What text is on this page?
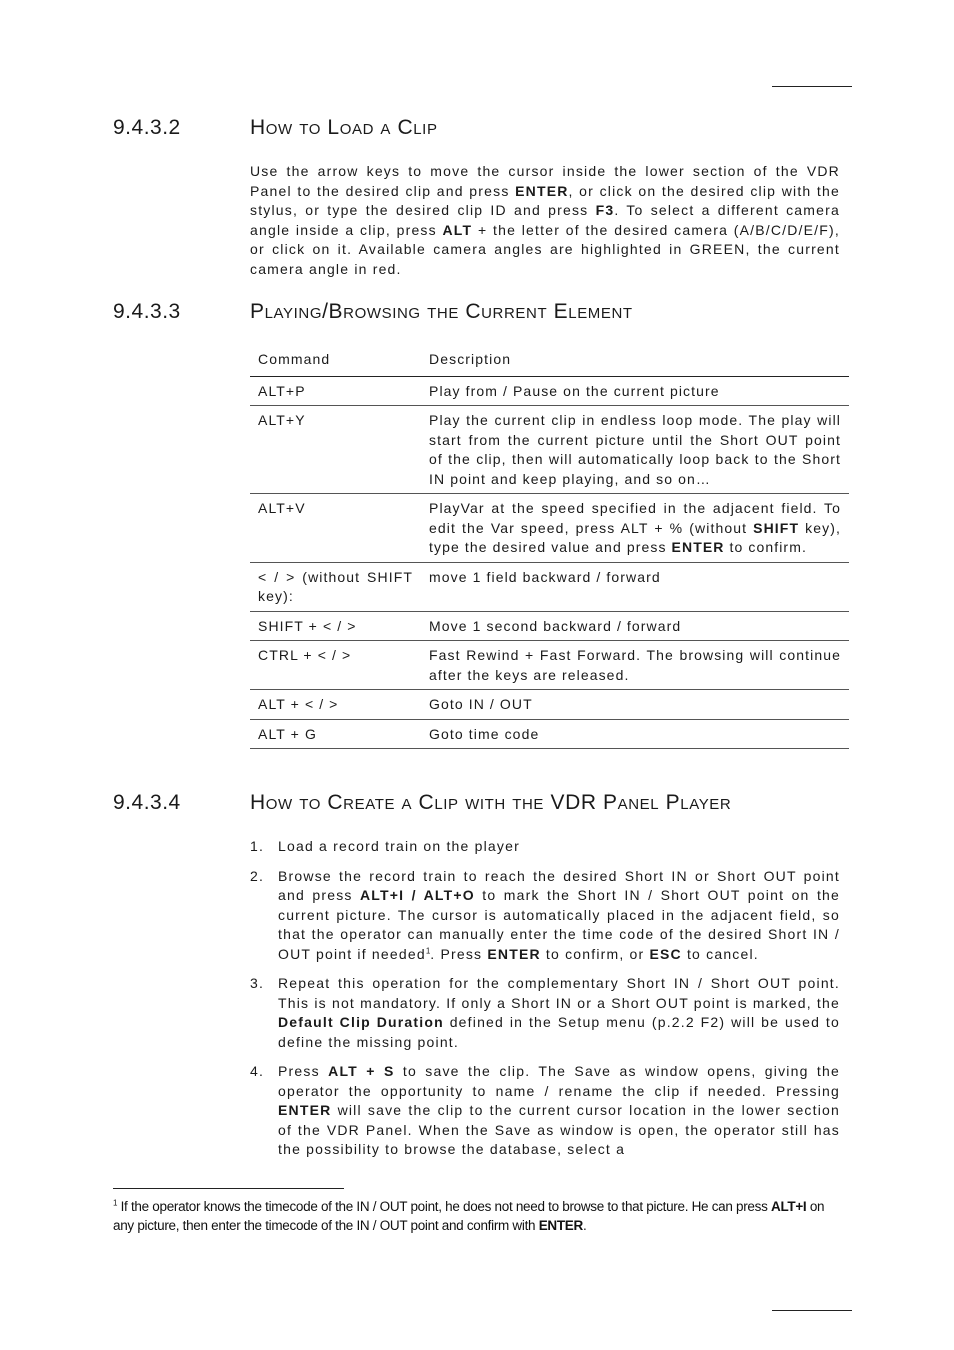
9.4.3.2	How to Load a Clip

Use the arrow keys to move the cursor inside the lower section of the VDR Panel to the desired clip and press ENTER, or click on the desired clip with the stylus, or type the desired clip ID and press F3. To select a different camera angle inside a clip, press ALT + the letter of the desired camera (A/B/C/D/E/F), or click on it. Available camera angles are highlighted in GREEN, the current camera angle in red.

9.4.3.3	Playing/Browsing the Current Element
Command	Description
ALT+P	Play from / Pause on the current picture
ALT+Y	Play the current clip in endless loop mode. The play will start from the current picture until the Short OUT point of the clip, then will automatically loop back to the Short IN point and keep playing, and so on…
ALT+V	PlayVar at the speed specified in the adjacent field. To edit the Var speed, press ALT + % (without SHIFT key), type the desired value and press ENTER to confirm.
< / > (without SHIFT key):	move 1 field backward / forward
SHIFT + < / >	Move 1 second backward / forward
CTRL + < / >	Fast Rewind + Fast Forward. The browsing will continue after the keys are released.
ALT + < / >	Goto IN / OUT
ALT + G	Goto time code
9.4.3.4	How to Create a Clip with the VDR Panel Player
1. Load a record train on the player
2. Browse the record train to reach the desired Short IN or Short OUT point and press ALT+I / ALT+O to mark the Short IN / Short OUT point on the current picture. The cursor is automatically placed in the adjacent field, so that the operator can manually enter the time code of the desired Short IN / OUT point if needed$^1$. Press ENTER to confirm, or ESC to cancel.
3. Repeat this operation for the complementary Short IN / Short OUT point. This is not mandatory. If only a Short IN or a Short OUT point is marked, the Default Clip Duration defined in the Setup menu (p.2.2 F2) will be used to define the missing point.
4. Press ALT + S to save the clip. The Save as window opens, giving the operator the opportunity to name / rename the clip if needed. Pressing ENTER will save the clip to the current cursor location in the lower section of the VDR Panel. When the Save as window is open, the operator still has the possibility to browse the database, select a
$^1$ If the operator knows the timecode of the IN / OUT point, he does not need to browse to that picture. He can press ALT+I on any picture, then enter the timecode of the IN / OUT point and confirm with ENTER.
